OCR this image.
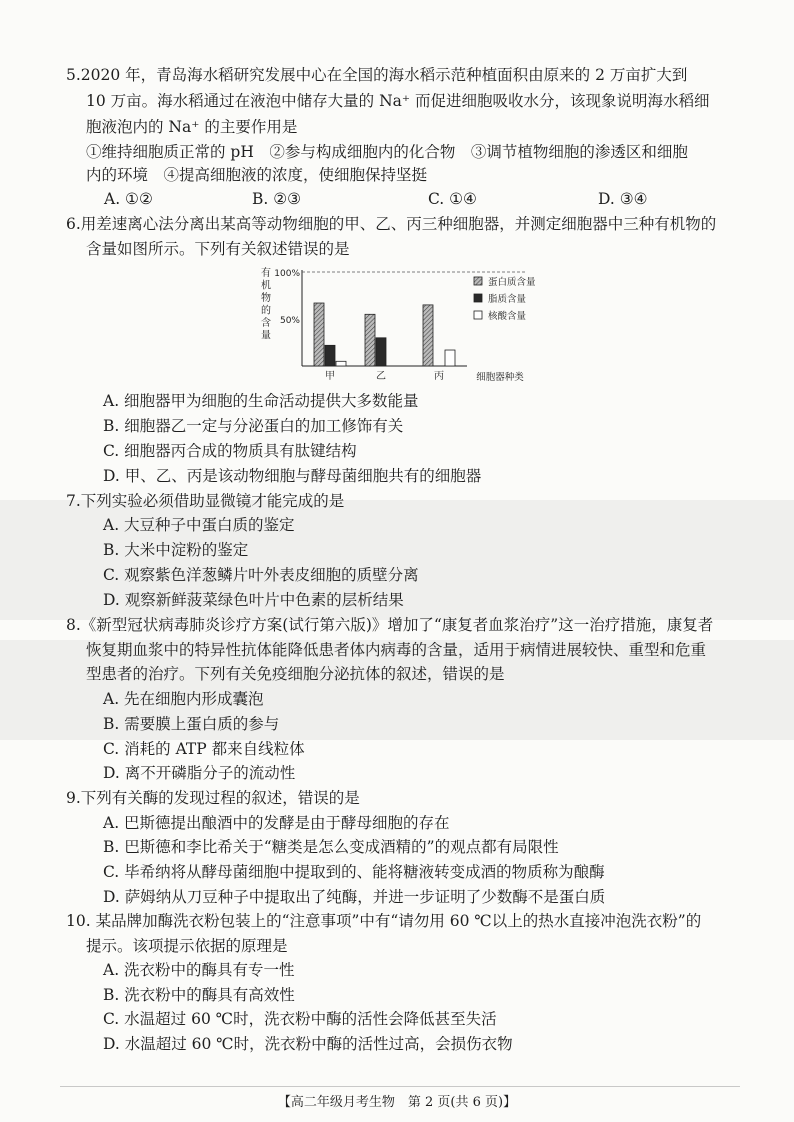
5.2020 年，青岛海水稻研究发展中心在全国的海水稻示范种植面积由原来的 2 万亩扩大到
10 万亩。海水稻通过在液泡中储存大量的 Na⁺ 而促进细胞吸收水分，该现象说明海水稻细
胞液泡内的 Na⁺ 的主要作用是
①维持细胞质正常的 pH　②参与构成细胞内的化合物　③调节植物细胞的渗透区和细胞
内的环境　④提高细胞液的浓度，使细胞保持坚挺
A. ①②	B. ②③	C. ①④	D. ③④
6.用差速离心法分离出某高等动物细胞的甲、乙、丙三种细胞器，并测定细胞器中三种有机物的
含量如图所示。下列有关叙述错误的是
100%
50%
有
机
物
的
含
量
甲	乙	丙	细胞器种类
蛋白质含量
脂质含量
核酸含量
A. 细胞器甲为细胞的生命活动提供大多数能量
B. 细胞器乙一定与分泌蛋白的加工修饰有关
C. 细胞器丙合成的物质具有肽键结构
D. 甲、乙、丙是该动物细胞与酵母菌细胞共有的细胞器
7.下列实验必须借助显微镜才能完成的是
A. 大豆种子中蛋白质的鉴定
B. 大米中淀粉的鉴定
C. 观察紫色洋葱鳞片叶外表皮细胞的质壁分离
D. 观察新鲜菠菜绿色叶片中色素的层析结果
8.《新型冠状病毒肺炎诊疗方案(试行第六版)》增加了“康复者血浆治疗”这一治疗措施，康复者
恢复期血浆中的特异性抗体能降低患者体内病毒的含量，适用于病情进展较快、重型和危重
型患者的治疗。下列有关免疫细胞分泌抗体的叙述，错误的是
A. 先在细胞内形成囊泡
B. 需要膜上蛋白质的参与
C. 消耗的 ATP 都来自线粒体
D. 离不开磷脂分子的流动性
9.下列有关酶的发现过程的叙述，错误的是
A. 巴斯德提出酿酒中的发酵是由于酵母细胞的存在
B. 巴斯德和李比希关于“糖类是怎么变成酒精的”的观点都有局限性
C. 毕希纳将从酵母菌细胞中提取到的、能将糖液转变成酒的物质称为酿酶
D. 萨姆纳从刀豆种子中提取出了纯酶，并进一步证明了少数酶不是蛋白质
10. 某品牌加酶洗衣粉包装上的“注意事项”中有“请勿用 60 ℃以上的热水直接冲泡洗衣粉”的
提示。该项提示依据的原理是
A. 洗衣粉中的酶具有专一性
B. 洗衣粉中的酶具有高效性
C. 水温超过 60 ℃时，洗衣粉中酶的活性会降低甚至失活
D. 水温超过 60 ℃时，洗衣粉中酶的活性过高，会损伤衣物
【高二年级月考生物　第 2 页(共 6 页)】
